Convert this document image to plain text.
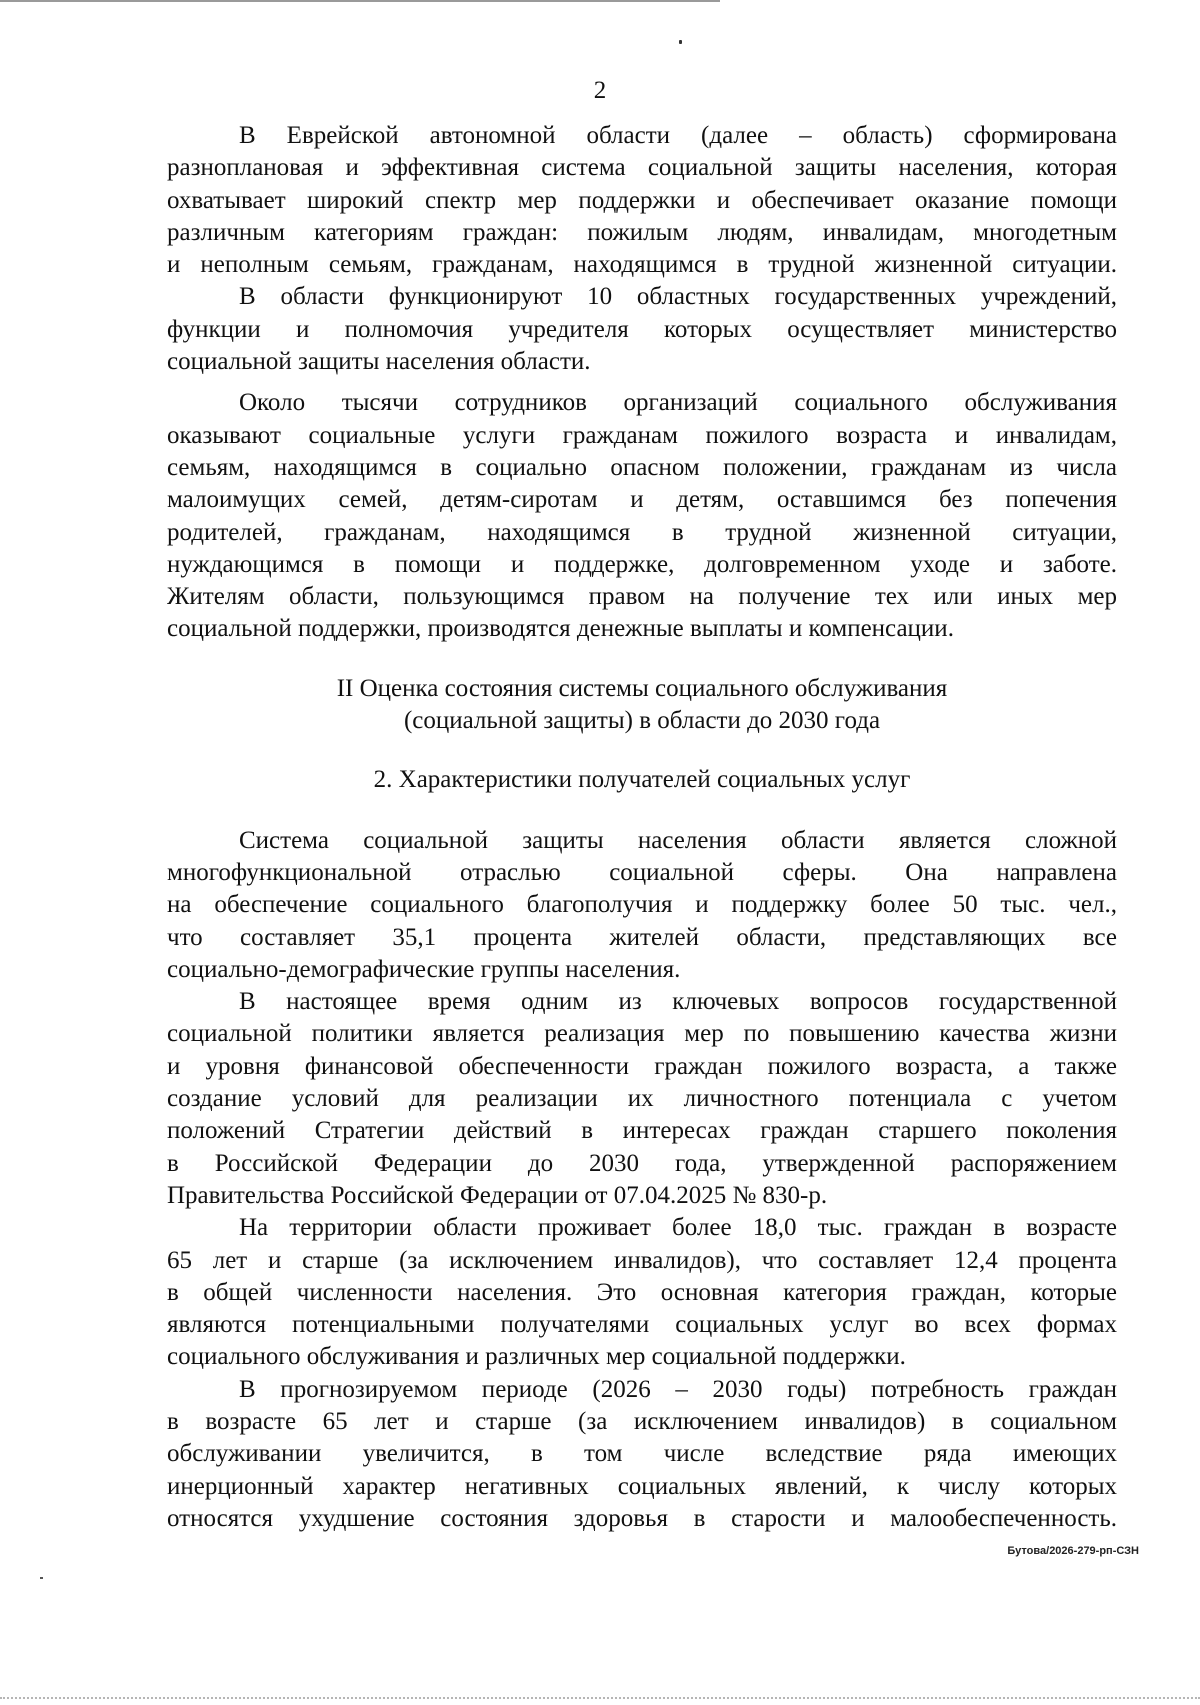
2
В Еврейской автономной области (далее – область) сформирована
разноплановая и эффективная система социальной защиты населения, которая
охватывает широкий спектр мер поддержки и обеспечивает оказание помощи
различным категориям граждан: пожилым людям, инвалидам, многодетным
и неполным семьям, гражданам, находящимся в трудной жизненной ситуации.
В области функционируют 10 областных государственных учреждений,
функции и полномочия учредителя которых осуществляет министерство
социальной защиты населения области.
Около тысячи сотрудников организаций социального обслуживания
оказывают социальные услуги гражданам пожилого возраста и инвалидам,
семьям, находящимся в социально опасном положении, гражданам из числа
малоимущих семей, детям-сиротам и детям, оставшимся без попечения
родителей, гражданам, находящимся в трудной жизненной ситуации,
нуждающимся в помощи и поддержке, долговременном уходе и заботе.
Жителям области, пользующимся правом на получение тех или иных мер
социальной поддержки, производятся денежные выплаты и компенсации.
II Оценка состояния системы социального обслуживания
(социальной защиты) в области до 2030 года
2. Характеристики получателей социальных услуг
Система социальной защиты населения области является сложной
многофункциональной отраслью социальной сферы. Она направлена
на обеспечение социального благополучия и поддержку более 50 тыс. чел.,
что составляет 35,1 процента жителей области, представляющих все
социально-демографические группы населения.
В настоящее время одним из ключевых вопросов государственной
социальной политики является реализация мер по повышению качества жизни
и уровня финансовой обеспеченности граждан пожилого возраста, а также
создание условий для реализации их личностного потенциала с учетом
положений Стратегии действий в интересах граждан старшего поколения
в Российской Федерации до 2030 года, утвержденной распоряжением
Правительства Российской Федерации от 07.04.2025 № 830-р.
На территории области проживает более 18,0 тыс. граждан в возрасте
65 лет и старше (за исключением инвалидов), что составляет 12,4 процента
в общей численности населения. Это основная категория граждан, которые
являются потенциальными получателями социальных услуг во всех формах
социального обслуживания и различных мер социальной поддержки.
В прогнозируемом периоде (2026 – 2030 годы) потребность граждан
в возрасте 65 лет и старше (за исключением инвалидов) в социальном
обслуживании увеличится, в том числе вследствие ряда имеющих
инерционный характер негативных социальных явлений, к числу которых
относятся ухудшение состояния здоровья в старости и малообеспеченность.
Бутова/2026-279-рп-СЗН
